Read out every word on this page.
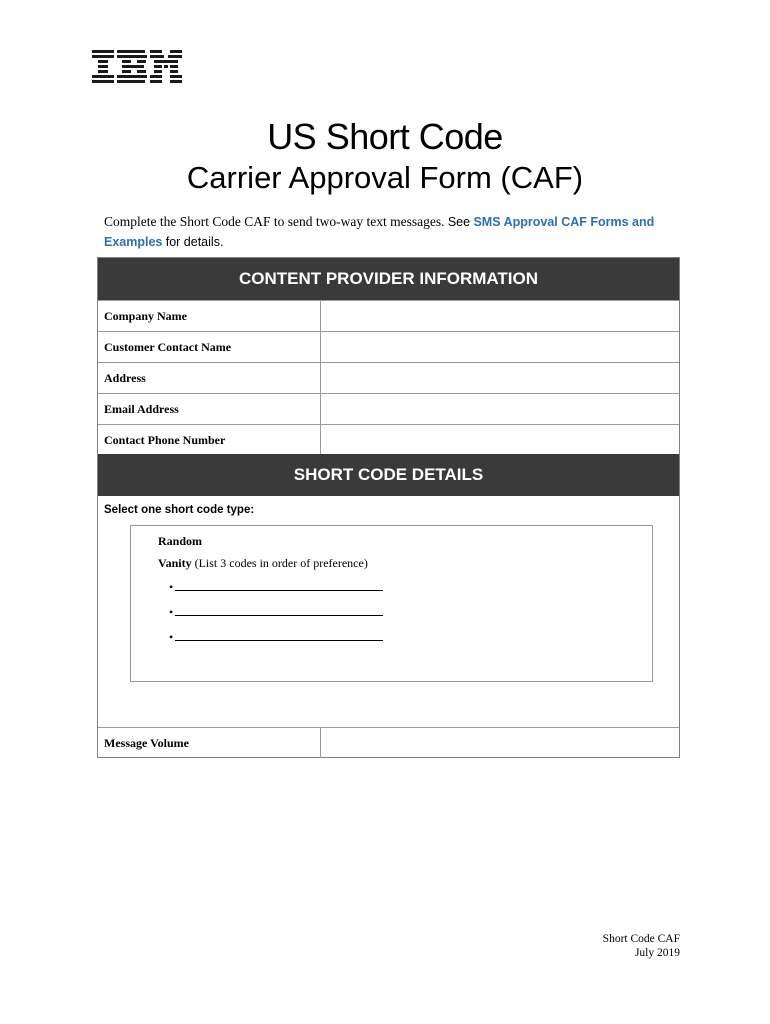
US Short Code
Carrier Approval Form (CAF)
Complete the Short Code CAF to send two-way text messages. See SMS Approval CAF Forms and Examples for details.
CONTENT PROVIDER INFORMATION
Company Name
Customer Contact Name
Address
Email Address
Contact Phone Number
SHORT CODE DETAILS
Select one short code type:
Random
Vanity (List 3 codes in order of preference)
•
•
•
Message Volume
Short Code CAF
July 2019
